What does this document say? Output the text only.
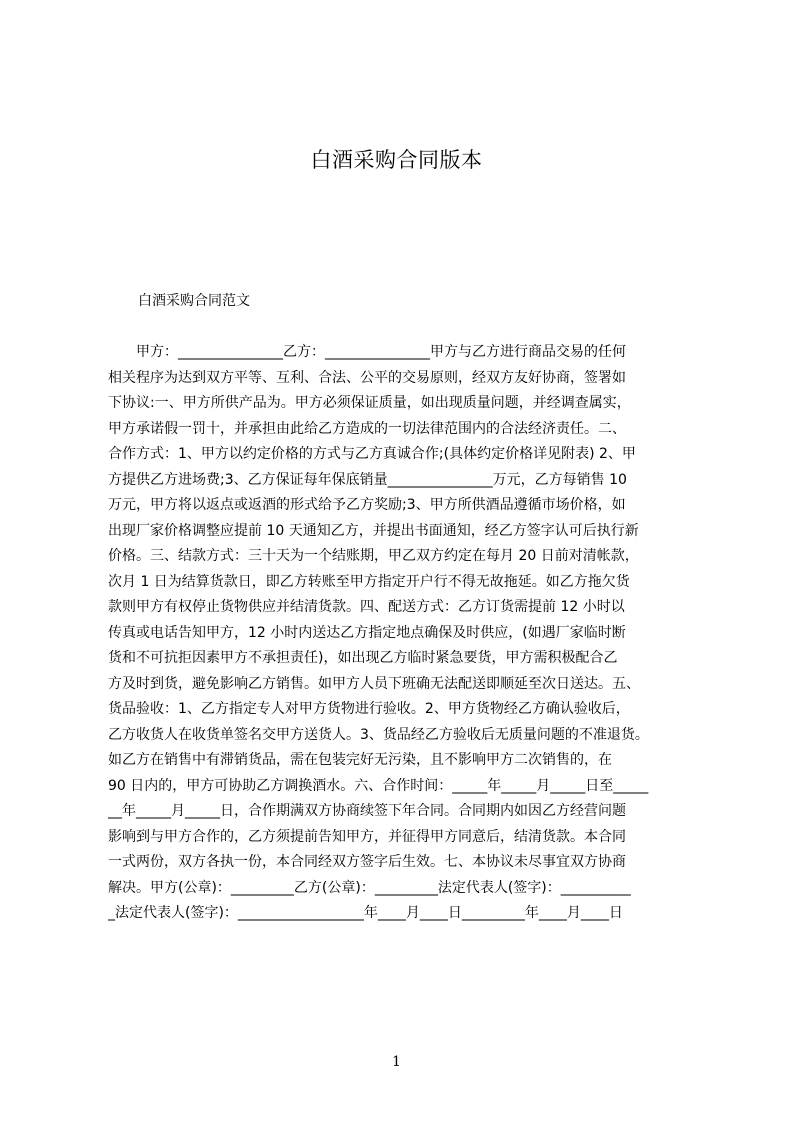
白酒采购合同版本
白酒采购合同范文
　　甲方：_______________乙方：_______________甲方与乙方进行商品交易的任何
相关程序为达到双方平等、互利、合法、公平的交易原则，经双方友好协商，签署如
下协议:一、甲方所供产品为。甲方必须保证质量，如出现质量问题，并经调查属实，
甲方承诺假一罚十，并承担由此给乙方造成的一切法律范围内的合法经济责任。二、
合作方式：1、甲方以约定价格的方式与乙方真诚合作;(具体约定价格详见附表) 2、甲
方提供乙方进场费;3、乙方保证每年保底销量_______________万元，乙方每销售 10
万元，甲方将以返点或返酒的形式给予乙方奖励;3、甲方所供酒品遵循市场价格，如
出现厂家价格调整应提前 10 天通知乙方，并提出书面通知，经乙方签字认可后执行新
价格。三、结款方式：三十天为一个结账期，甲乙双方约定在每月 20 日前对清帐款，
次月 1 日为结算货款日，即乙方转账至甲方指定开户行不得无故拖延。如乙方拖欠货
款则甲方有权停止货物供应并结清货款。四、配送方式：乙方订货需提前 12 小时以
传真或电话告知甲方，12 小时内送达乙方指定地点确保及时供应，(如遇厂家临时断
货和不可抗拒因素甲方不承担责任)，如出现乙方临时紧急要货，甲方需积极配合乙
方及时到货，避免影响乙方销售。如甲方人员下班确无法配送即顺延至次日送达。五、
货品验收：1、乙方指定专人对甲方货物进行验收。2、甲方货物经乙方确认验收后，
乙方收货人在收货单签名交甲方送货人。3、货品经乙方验收后无质量问题的不准退货。
如乙方在销售中有滞销货品，需在包装完好无污染，且不影响甲方二次销售的，在
90 日内的，甲方可协助乙方调换酒水。六、合作时间：_____年_____月_____日至_____
__年_____月_____日，合作期满双方协商续签下年合同。合同期内如因乙方经营问题
影响到与甲方合作的，乙方须提前告知甲方，并征得甲方同意后，结清货款。本合同
一式两份，双方各执一份，本合同经双方签字后生效。七、本协议未尽事宜双方协商
解决。甲方(公章)：_________乙方(公章)：_________法定代表人(签字)：__________
_法定代表人(签字)：__________________年____月____日_________年____月____日
1
